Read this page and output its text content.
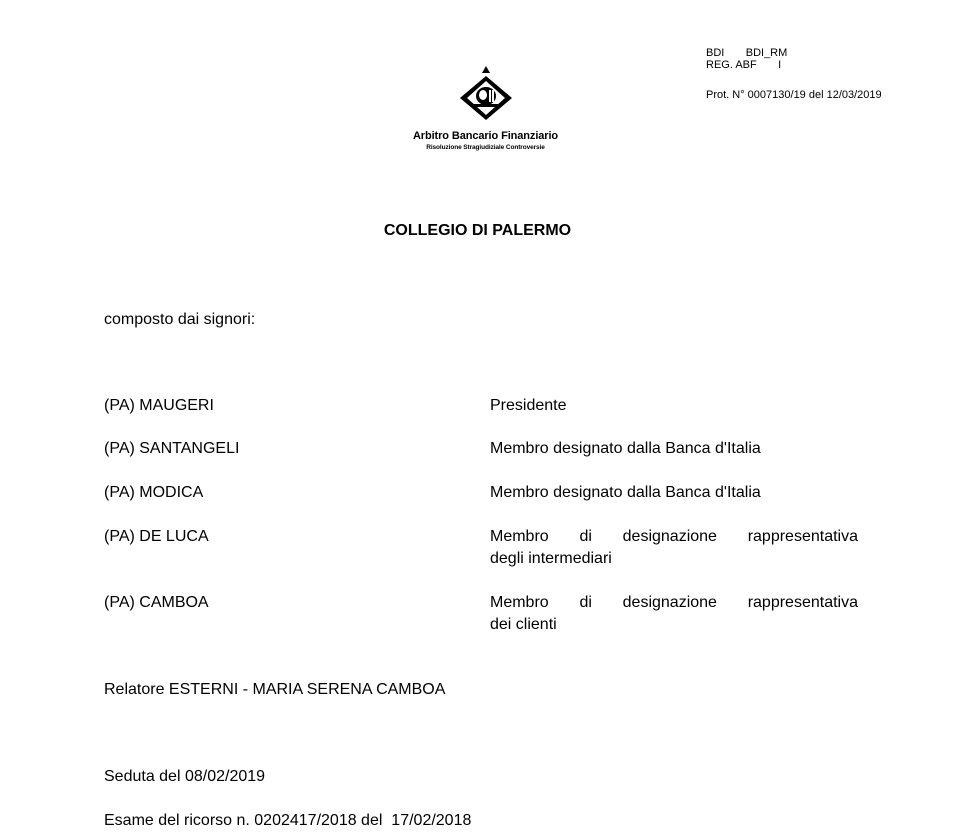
BDI       BDI_RM
REG. ABF       I
Prot. N° 0007130/19 del 12/03/2019
Arbitro Bancario Finanziario
Risoluzione Stragiudiziale Controversie
COLLEGIO DI PALERMO
composto dai signori:
(PA) MAUGERI	Presidente
(PA) SANTANGELI	Membro designato dalla Banca d'Italia
(PA) MODICA	Membro designato dalla Banca d'Italia
(PA) DE LUCA	Membro di designazione rappresentativa
degli intermediari
(PA) CAMBOA	Membro di designazione rappresentativa
dei clienti
Relatore ESTERNI - MARIA SERENA CAMBOA
Seduta del 08/02/2019
Esame del ricorso n. 0202417/2018 del  17/02/2018
